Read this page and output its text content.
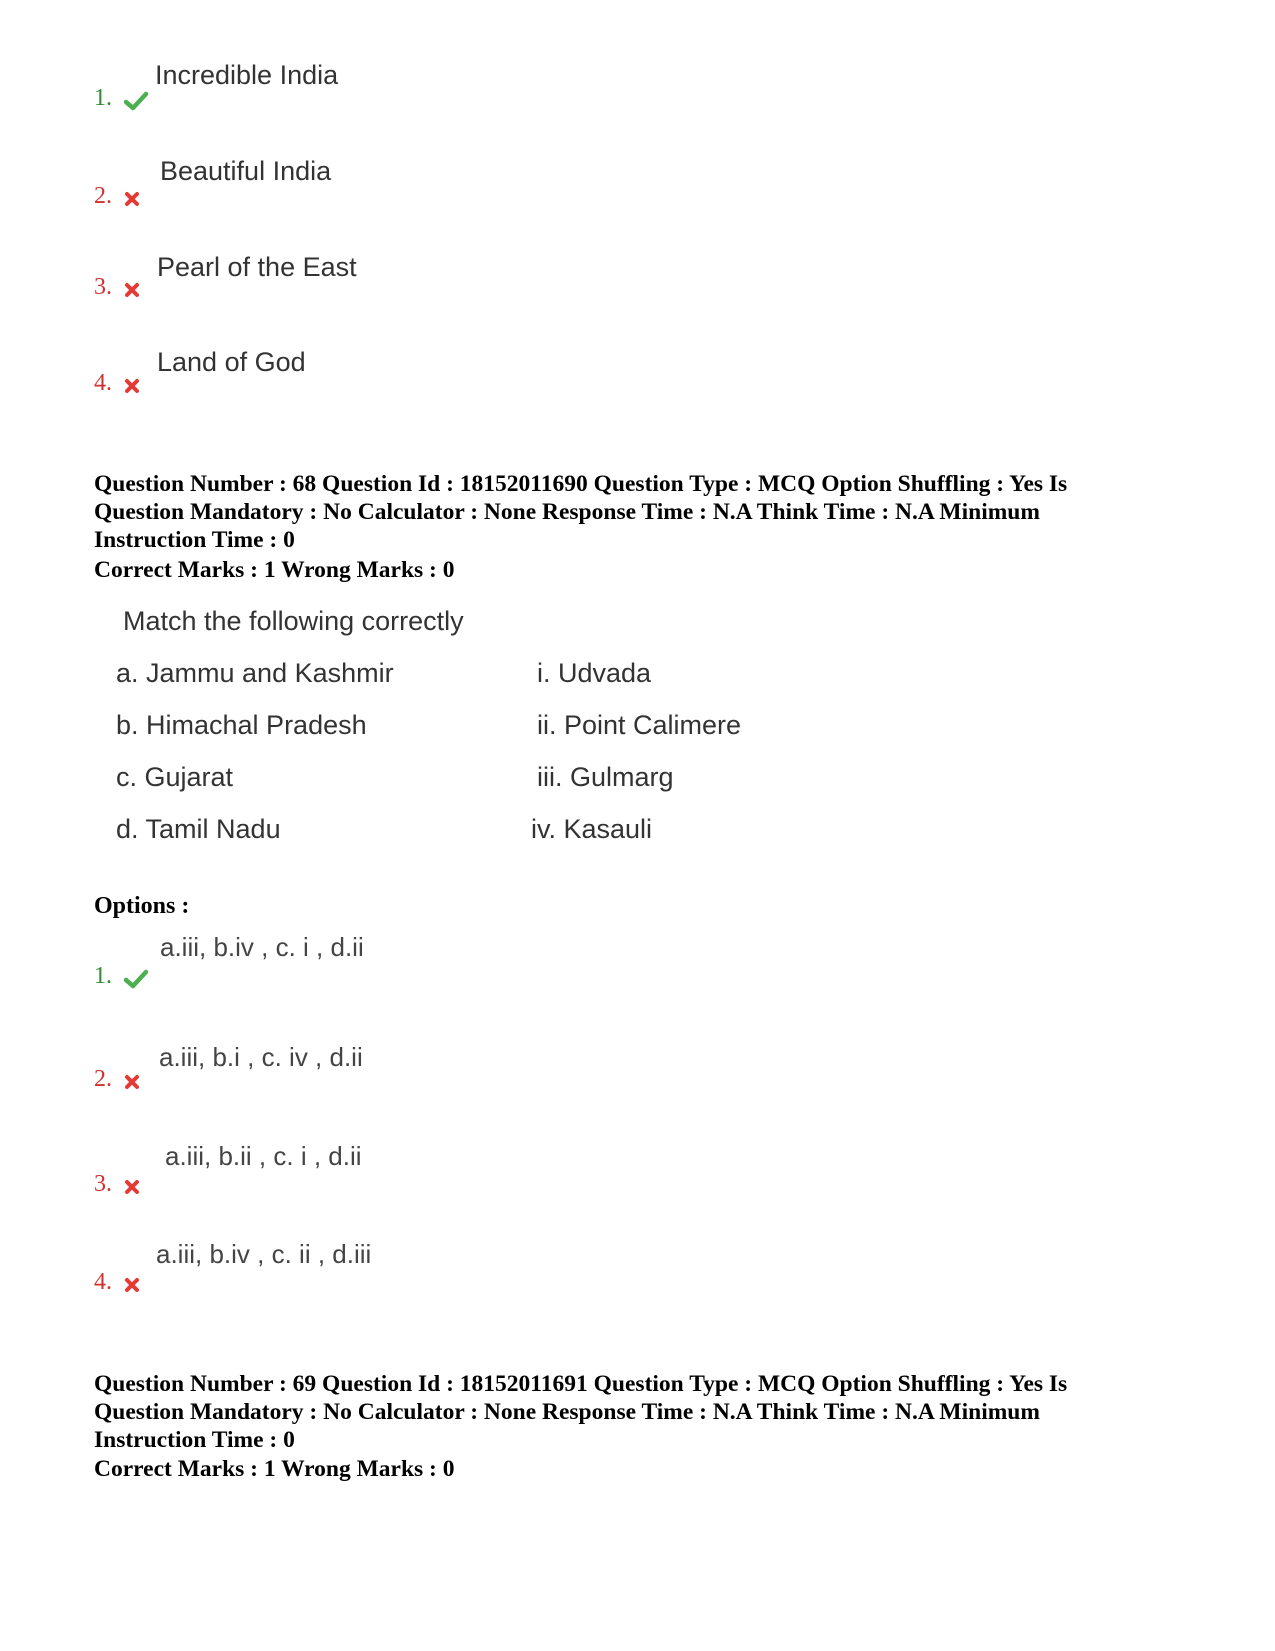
Incredible India
1.
Beautiful India
2.
Pearl of the East
3.
Land of God
4.
Question Number : 68 Question Id : 18152011690 Question Type : MCQ Option Shuffling : Yes Is
Question Mandatory : No Calculator : None Response Time : N.A Think Time : N.A Minimum
Instruction Time : 0
Correct Marks : 1 Wrong Marks : 0
Match the following correctly
a. Jammu and Kashmir
b. Himachal Pradesh
c. Gujarat
d. Tamil Nadu
i. Udvada
ii. Point Calimere
iii. Gulmarg
iv. Kasauli
Options :
a.iii, b.iv , c. i , d.ii
1.
a.iii, b.i , c. iv , d.ii
2.
a.iii, b.ii , c. i , d.ii
3.
a.iii, b.iv , c. ii , d.iii
4.
Question Number : 69 Question Id : 18152011691 Question Type : MCQ Option Shuffling : Yes Is
Question Mandatory : No Calculator : None Response Time : N.A Think Time : N.A Minimum
Instruction Time : 0
Correct Marks : 1 Wrong Marks : 0
